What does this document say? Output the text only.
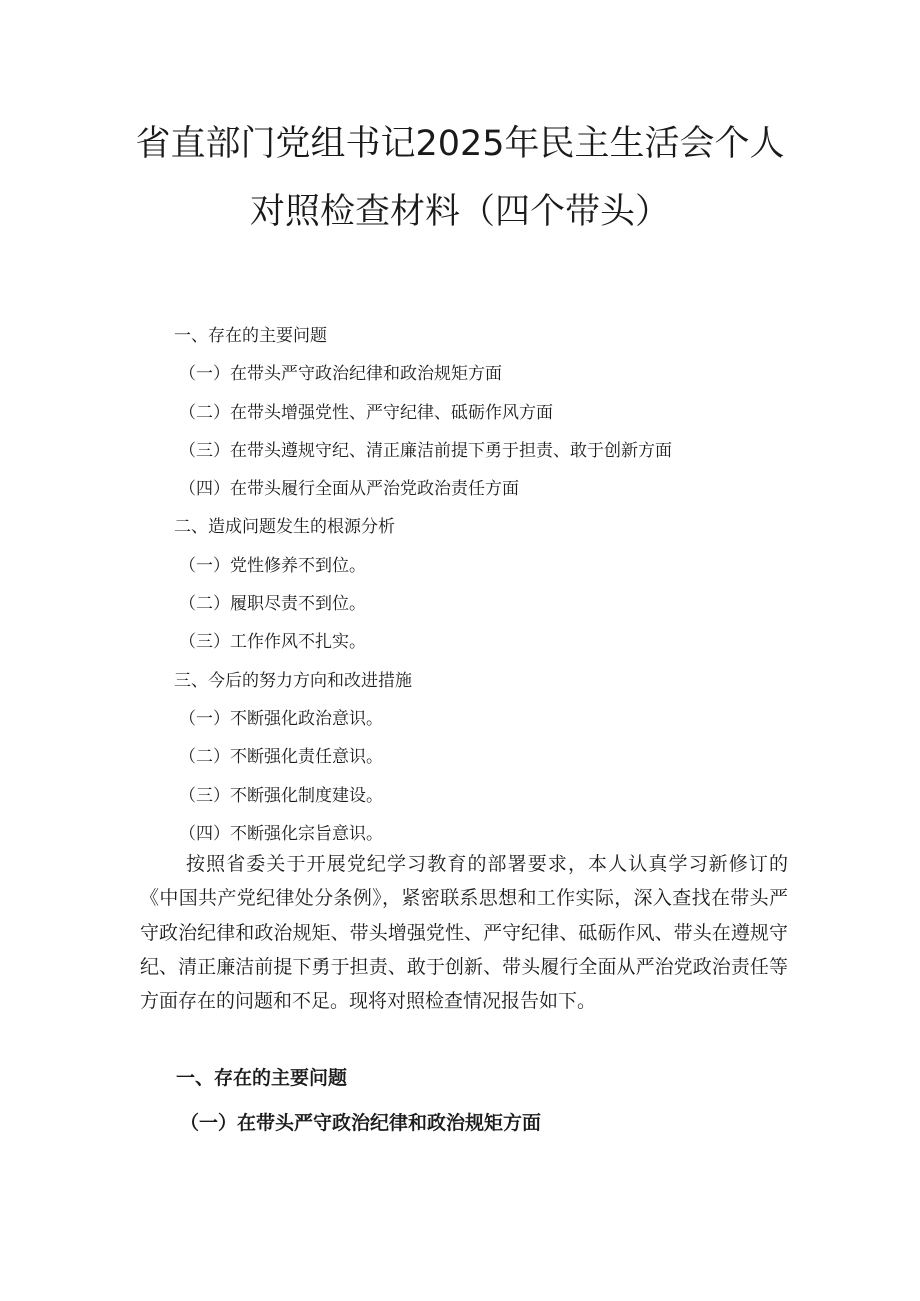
省直部门党组书记2025年民主生活会个人
对照检查材料（四个带头）
一、存在的主要问题
（一）在带头严守政治纪律和政治规矩方面
（二）在带头增强党性、严守纪律、砥砺作风方面
（三）在带头遵规守纪、清正廉洁前提下勇于担责、敢于创新方面
（四）在带头履行全面从严治党政治责任方面
二、造成问题发生的根源分析
（一）党性修养不到位。
（二）履职尽责不到位。
（三）工作作风不扎实。
三、今后的努力方向和改进措施
（一）不断强化政治意识。
（二）不断强化责任意识。
（三）不断强化制度建设。
（四）不断强化宗旨意识。

按照省委关于开展党纪学习教育的部署要求，本人认真学习新修订的《中国共产党纪律处分条例》，紧密联系思想和工作实际，深入查找在带头严守政治纪律和政治规矩、带头增强党性、严守纪律、砥砺作风、带头在遵规守纪、清正廉洁前提下勇于担责、敢于创新、带头履行全面从严治党政治责任等方面存在的问题和不足。现将对照检查情况报告如下。

一、存在的主要问题
（一）在带头严守政治纪律和政治规矩方面
